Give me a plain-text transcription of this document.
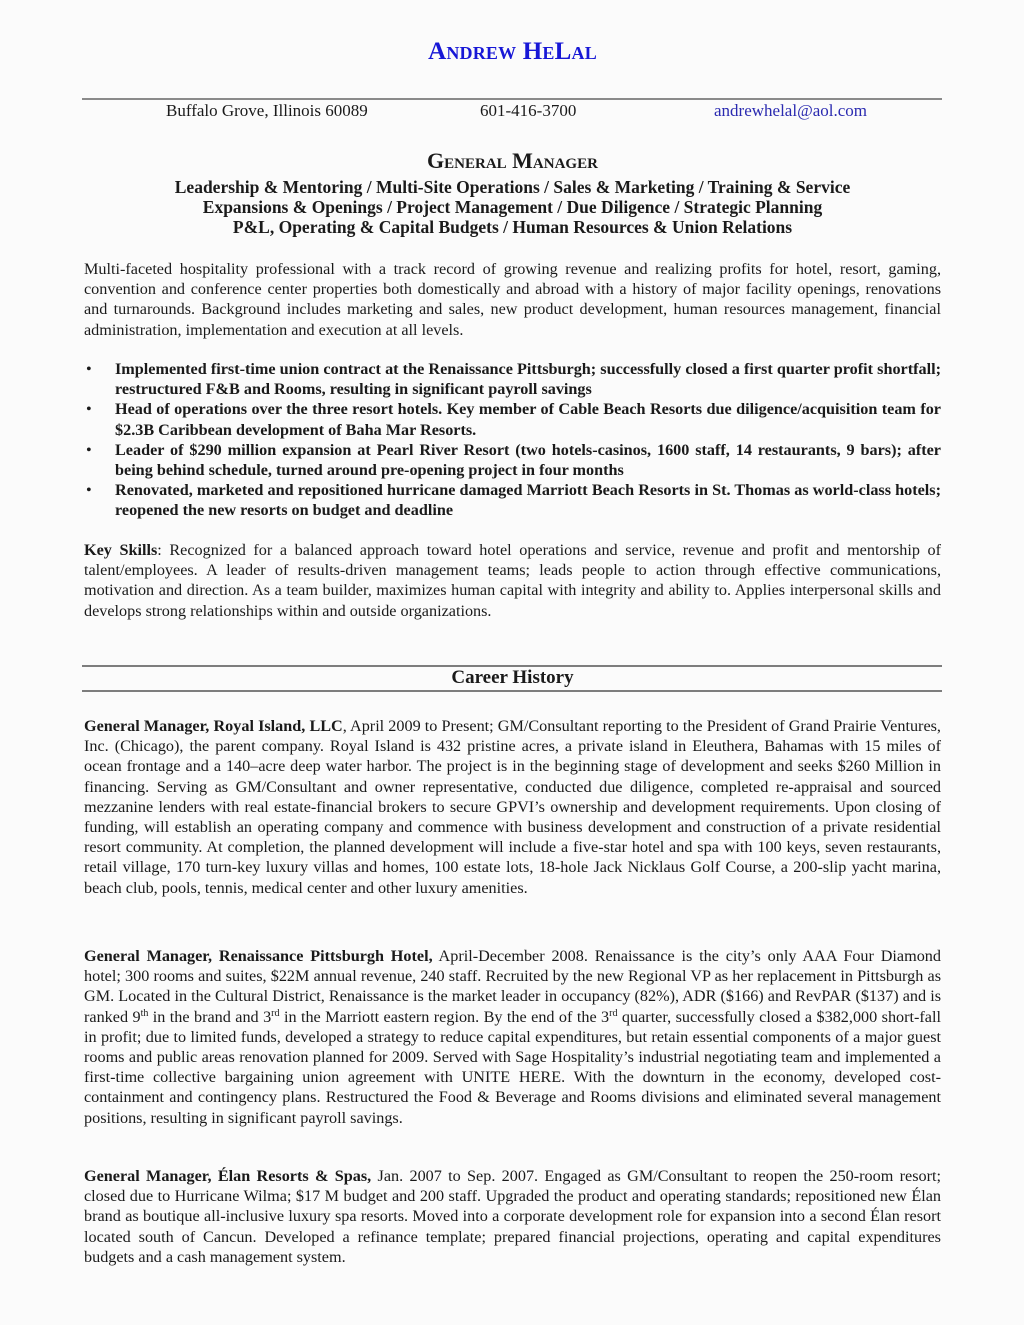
Andrew HeLal
Buffalo Grove, Illinois 60089	601-416-3700	andrewhelal@aol.com
General Manager
Leadership & Mentoring / Multi-Site Operations / Sales & Marketing / Training & Service
Expansions & Openings / Project Management / Due Diligence / Strategic Planning
P&L, Operating & Capital Budgets / Human Resources & Union Relations

Multi-faceted hospitality professional with a track record of growing revenue and realizing profits for hotel, resort, gaming, convention and conference center properties both domestically and abroad with a history of major facility openings, renovations and turnarounds. Background includes marketing and sales, new product development, human resources management, financial administration, implementation and execution at all levels.

• Implemented first-time union contract at the Renaissance Pittsburgh; successfully closed a first quarter profit shortfall; restructured F&B and Rooms, resulting in significant payroll savings
• Head of operations over the three resort hotels. Key member of Cable Beach Resorts due diligence/acquisition team for $2.3B Caribbean development of Baha Mar Resorts.
• Leader of $290 million expansion at Pearl River Resort (two hotels-casinos, 1600 staff, 14 restaurants, 9 bars); after being behind schedule, turned around pre-opening project in four months
• Renovated, marketed and repositioned hurricane damaged Marriott Beach Resorts in St. Thomas as world-class hotels; reopened the new resorts on budget and deadline

Key Skills: Recognized for a balanced approach toward hotel operations and service, revenue and profit and mentorship of talent/employees. A leader of results-driven management teams; leads people to action through effective communications, motivation and direction. As a team builder, maximizes human capital with integrity and ability to. Applies interpersonal skills and develops strong relationships within and outside organizations.

Career History

General Manager, Royal Island, LLC, April 2009 to Present; GM/Consultant reporting to the President of Grand Prairie Ventures, Inc. (Chicago), the parent company. Royal Island is 432 pristine acres, a private island in Eleuthera, Bahamas with 15 miles of ocean frontage and a 140–acre deep water harbor. The project is in the beginning stage of development and seeks $260 Million in financing. Serving as GM/Consultant and owner representative, conducted due diligence, completed re-appraisal and sourced mezzanine lenders with real estate-financial brokers to secure GPVI’s ownership and development requirements. Upon closing of funding, will establish an operating company and commence with business development and construction of a private residential resort community. At completion, the planned development will include a five-star hotel and spa with 100 keys, seven restaurants, retail village, 170 turn-key luxury villas and homes, 100 estate lots, 18-hole Jack Nicklaus Golf Course, a 200-slip yacht marina, beach club, pools, tennis, medical center and other luxury amenities.

General Manager, Renaissance Pittsburgh Hotel, April-December 2008. Renaissance is the city’s only AAA Four Diamond hotel; 300 rooms and suites, $22M annual revenue, 240 staff. Recruited by the new Regional VP as her replacement in Pittsburgh as GM. Located in the Cultural District, Renaissance is the market leader in occupancy (82%), ADR ($166) and RevPAR ($137) and is ranked 9th in the brand and 3rd in the Marriott eastern region. By the end of the 3rd quarter, successfully closed a $382,000 short-fall in profit; due to limited funds, developed a strategy to reduce capital expenditures, but retain essential components of a major guest rooms and public areas renovation planned for 2009. Served with Sage Hospitality’s industrial negotiating team and implemented a first-time collective bargaining union agreement with UNITE HERE. With the downturn in the economy, developed cost-containment and contingency plans. Restructured the Food & Beverage and Rooms divisions and eliminated several management positions, resulting in significant payroll savings.

General Manager, Élan Resorts & Spas, Jan. 2007 to Sep. 2007. Engaged as GM/Consultant to reopen the 250-room resort; closed due to Hurricane Wilma; $17 M budget and 200 staff. Upgraded the product and operating standards; repositioned new Élan brand as boutique all-inclusive luxury spa resorts. Moved into a corporate development role for expansion into a second Élan resort located south of Cancun. Developed a refinance template; prepared financial projections, operating and capital expenditures budgets and a cash management system.
